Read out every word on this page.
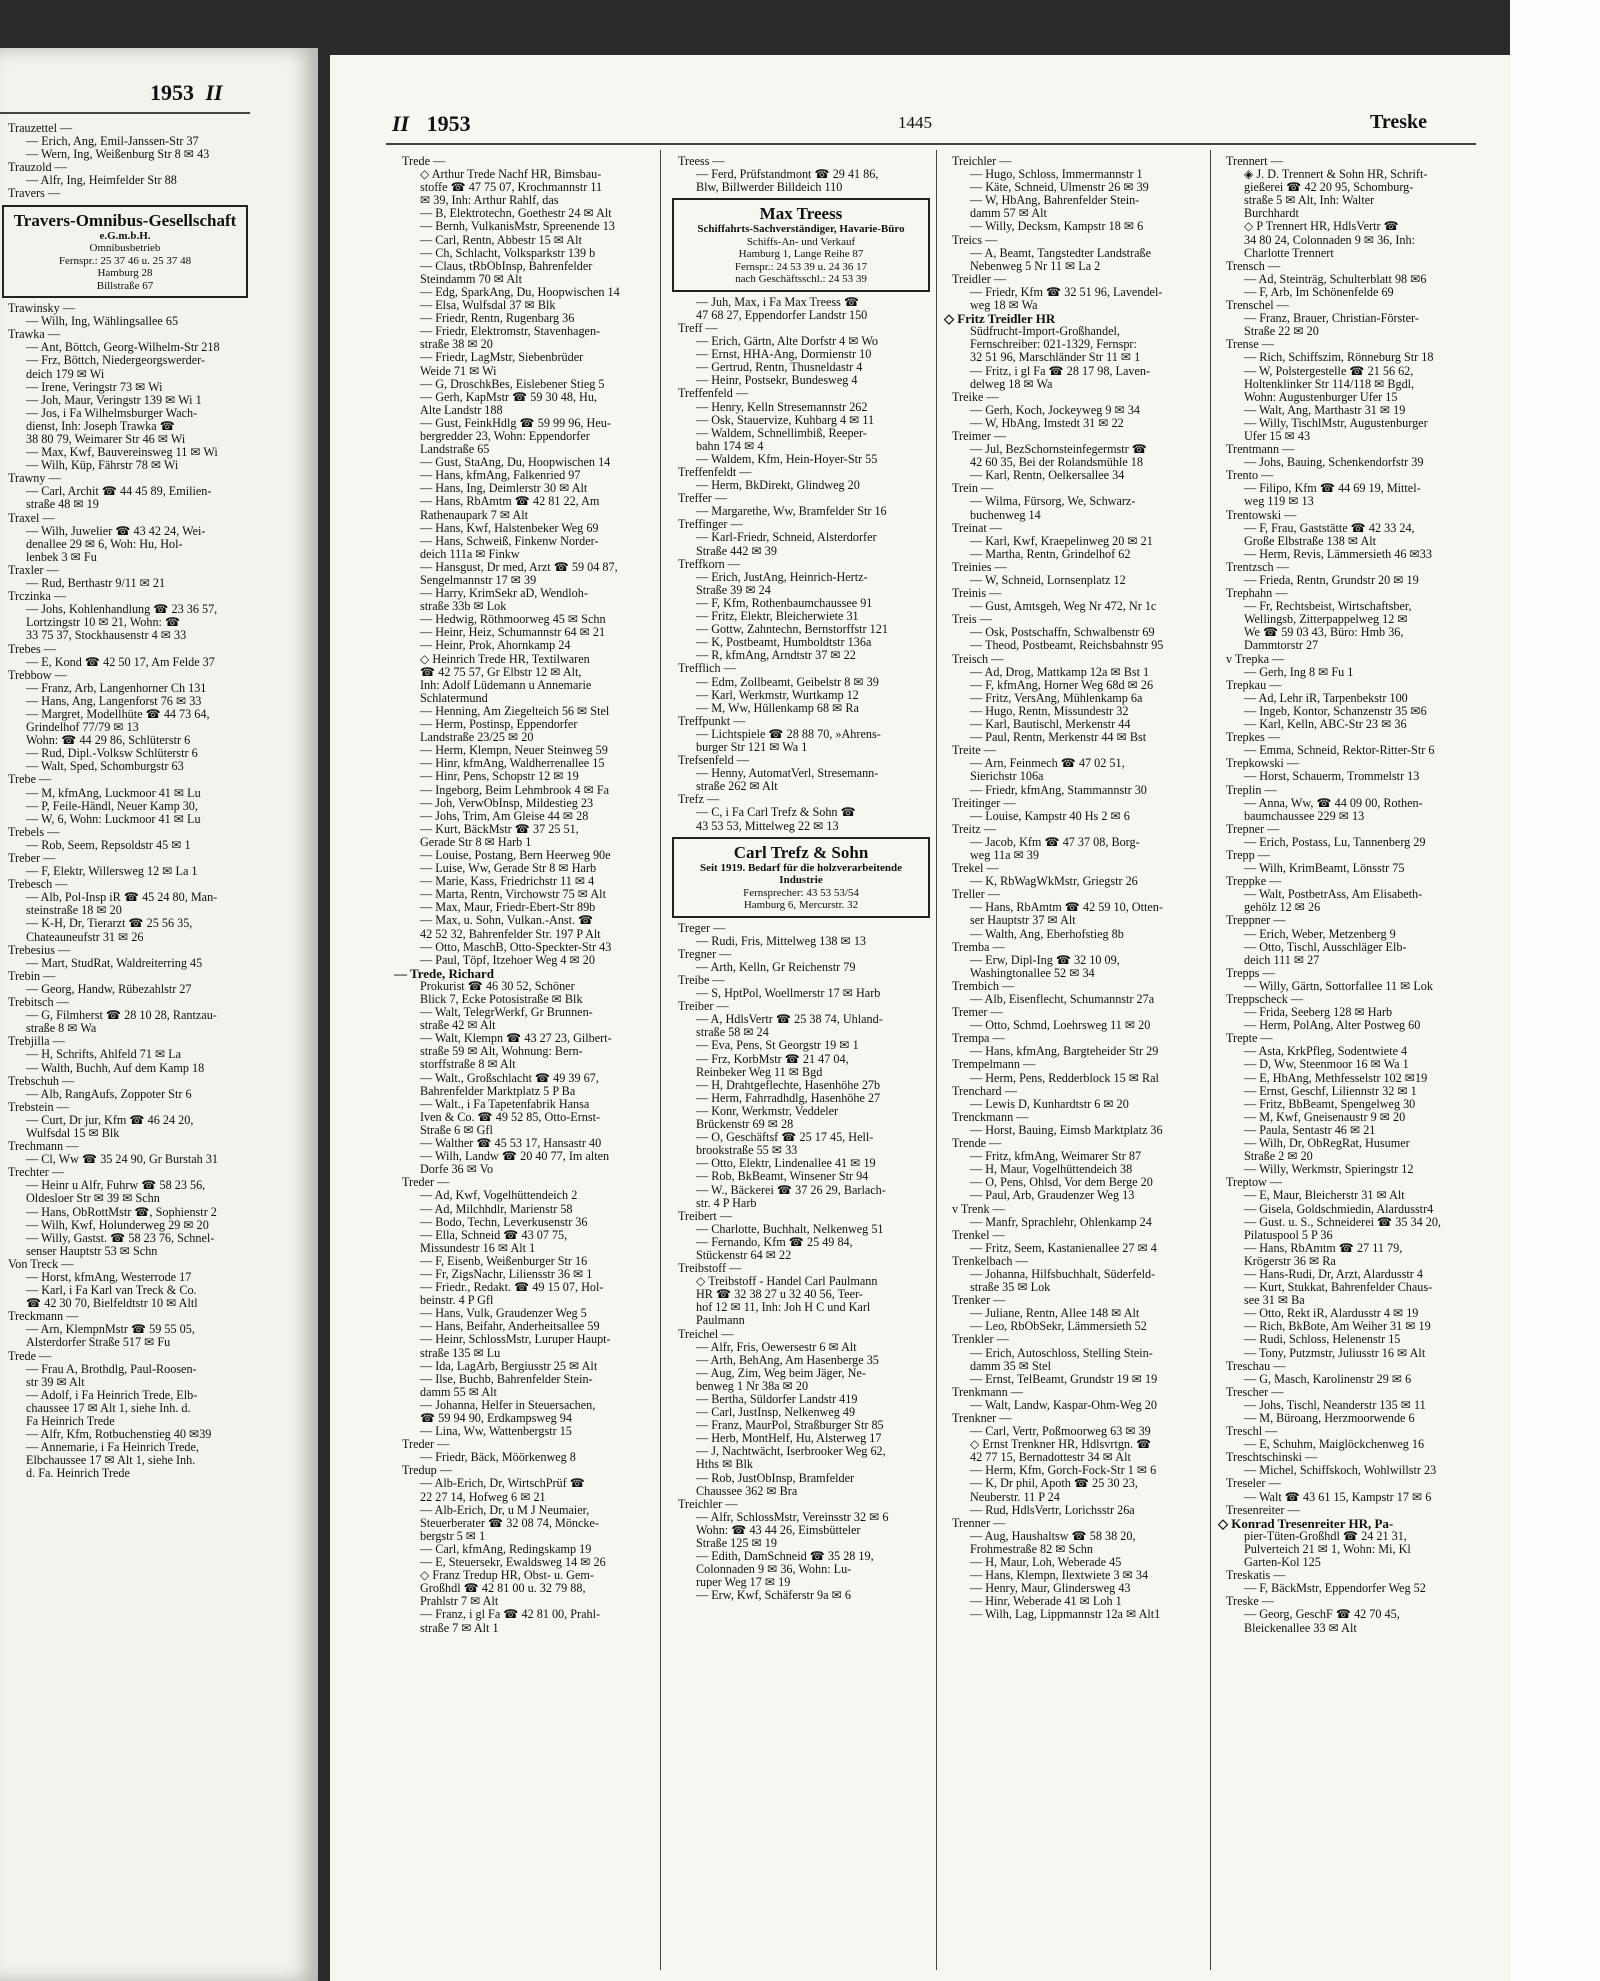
1953 II

Trauzettel —

— Erich, Ang, Emil-Janssen-Str 37

— Wern, Ing, Weißenburg Str 8 ✉ 43

Trauzold —

— Alfr, Ing, Heimfelder Str 88

Travers —

Travers-Omnibus-Gesellschaft
e.G.m.b.H.
Omnibusbetrieb
Fernspr.: 25 37 46 u. 25 37 48
Hamburg 28
Billstraße 67

Trawinsky —

— Wilh, Ing, Wählingsallee 65

Trawka —

— Ant, Böttch, Georg-Wilhelm-Str 218

— Frz, Böttch, Niedergeorgswerder-

deich 179 ✉ Wi

— Irene, Veringstr 73 ✉ Wi

— Joh, Maur, Veringstr 139 ✉ Wi 1

— Jos, i Fa Wilhelmsburger Wach-

dienst, Inh: Joseph Trawka ☎

38 80 79, Weimarer Str 46 ✉ Wi

— Max, Kwf, Bauvereinsweg 11 ✉ Wi

— Wilh, Küp, Fährstr 78 ✉ Wi

Trawny —

— Carl, Archit ☎ 44 45 89, Emilien-

straße 48 ✉ 19

Traxel —

— Wilh, Juwelier ☎ 43 42 24, Wei-

denallee 29 ✉ 6, Woh: Hu, Hol-

lenbek 3 ✉ Fu

Traxler —

— Rud, Berthastr 9/11 ✉ 21

Trczinka —

— Johs, Kohlenhandlung ☎ 23 36 57,

Lortzingstr 10 ✉ 21, Wohn: ☎

33 75 37, Stockhausenstr 4 ✉ 33

Trebes —

— E, Kond ☎ 42 50 17, Am Felde 37

Trebbow —

— Franz, Arb, Langenhorner Ch 131

— Hans, Ang, Langenforst 76 ✉ 33

— Margret, Modellhüte ☎ 44 73 64,

Grindelhof 77/79 ✉ 13

Wohn: ☎ 44 29 86, Schlüterstr 6

— Rud, Dipl.-Volksw Schlüterstr 6

— Walt, Sped, Schomburgstr 63

Trebe —

— M, kfmAng, Luckmoor 41 ✉ Lu

— P, Feile-Händl, Neuer Kamp 30,

— W, 6, Wohn: Luckmoor 41 ✉ Lu

Trebels —

— Rob, Seem, Repsoldstr 45 ✉ 1

Treber —

— F, Elektr, Willersweg 12 ✉ La 1

Trebesch —

— Alb, Pol-Insp iR ☎ 45 24 80, Man-

steinstraße 18 ✉ 20

— K-H, Dr, Tierarzt ☎ 25 56 35,

Chateauneufstr 31 ✉ 26

Trebesius —

— Mart, StudRat, Waldreiterring 45

Trebin —

— Georg, Handw, Rübezahlstr 27

Trebitsch —

— G, Filmherst ☎ 28 10 28, Rantzau-

straße 8 ✉ Wa

Trebjilla —

— H, Schrifts, Ahlfeld 71 ✉ La

— Walth, Buchh, Auf dem Kamp 18

Trebschuh —

— Alb, RangAufs, Zoppoter Str 6

Trebstein —

— Curt, Dr jur, Kfm ☎ 46 24 20,

Wulfsdal 15 ✉ Blk

Trechmann —

— Cl, Ww ☎ 35 24 90, Gr Burstah 31

Trechter —

— Heinr u Alfr, Fuhrw ☎ 58 23 56,

Oldesloer Str ✉ 39 ✉ Schn

— Hans, ObRottMstr ☎, Sophienstr 2

— Wilh, Kwf, Holunderweg 29 ✉ 20

— Willy, Gastst. ☎ 58 23 76, Schnel-

senser Hauptstr 53 ✉ Schn

Von Treck —

— Horst, kfmAng, Westerrode 17

— Karl, i Fa Karl van Treck & Co.

☎ 42 30 70, Bielfeldtstr 10 ✉ Altl

Treckmann —

— Arn, KlempnMstr ☎ 59 55 05,

Alsterdorfer Straße 517 ✉ Fu

Trede —

— Frau A, Brothdlg, Paul-Roosen-

str 39 ✉ Alt

— Adolf, i Fa Heinrich Trede, Elb-

chaussee 17 ✉ Alt 1, siehe Inh. d.

Fa Heinrich Trede

— Alfr, Kfm, Rotbuchenstieg 40 ✉39

— Annemarie, i Fa Heinrich Trede,

Elbchaussee 17 ✉ Alt 1, siehe Inh.

d. Fa. Heinrich Trede

II 1953	1445	Treske

Trede —

◇ Arthur Trede Nachf HR, Bimsbau-

stoffe ☎ 47 75 07, Krochmannstr 11

✉ 39, Inh: Arthur Rahlf, das

— B, Elektrotechn, Goethestr 24 ✉ Alt

— Bernh, VulkanisMstr, Spreenende 13

— Carl, Rentn, Abbestr 15 ✉ Alt

— Ch, Schlacht, Volksparkstr 139 b

— Claus, tRbObInsp, Bahrenfelder

Steindamm 70 ✉ Alt

— Edg, SparkAng, Du, Hoopwischen 14

— Elsa, Wulfsdal 37 ✉ Blk

— Friedr, Rentn, Rugenbarg 36

— Friedr, Elektromstr, Stavenhagen-

straße 38 ✉ 20

— Friedr, LagMstr, Siebenbrüder

Weide 71 ✉ Wi

— G, DroschkBes, Eislebener Stieg 5

— Gerh, KapMstr ☎ 59 30 48, Hu,

Alte Landstr 188

— Gust, FeinkHdlg ☎ 59 99 96, Heu-

bergredder 23, Wohn: Eppendorfer

Landstraße 65

— Gust, StaAng, Du, Hoopwischen 14

— Hans, kfmAng, Falkenried 97

— Hans, Ing, Deimlerstr 30 ✉ Alt

— Hans, RbAmtm ☎ 42 81 22, Am

Rathenaupark 7 ✉ Alt

— Hans, Kwf, Halstenbeker Weg 69

— Hans, Schweiß, Finkenw Norder-

deich 111a ✉ Finkw

— Hansgust, Dr med, Arzt ☎ 59 04 87,

Sengelmannstr 17 ✉ 39

— Harry, KrimSekr aD, Wendloh-

straße 33b ✉ Lok

— Hedwig, Röthmoorweg 45 ✉ Schn

— Heinr, Heiz, Schumannstr 64 ✉ 21

— Heinr, Prok, Ahornkamp 24

◇ Heinrich Trede HR, Textilwaren

☎ 42 75 57, Gr Elbstr 12 ✉ Alt,

Inh: Adolf Lüdemann u Annemarie

Schlatermund

— Henning, Am Ziegelteich 56 ✉ Stel

— Herm, Postinsp, Eppendorfer

Landstraße 23/25 ✉ 20

— Herm, Klempn, Neuer Steinweg 59

— Hinr, kfmAng, Waldherrenallee 15

— Hinr, Pens, Schopstr 12 ✉ 19

— Ingeborg, Beim Lehmbrook 4 ✉ Fa

— Joh, VerwObInsp, Mildestieg 23

— Johs, Trim, Am Gleise 44 ✉ 28

— Kurt, BäckMstr ☎ 37 25 51,

Gerade Str 8 ✉ Harb 1

— Louise, Postang, Bern Heerweg 90e

— Luise, Ww, Gerade Str 8 ✉ Harb

— Marie, Kass, Friedrichstr 11 ✉ 4

— Marta, Rentn, Virchowstr 75 ✉ Alt

— Max, Maur, Friedr-Ebert-Str 89b

— Max, u. Sohn, Vulkan.-Anst. ☎

42 52 32, Bahrenfelder Str. 197 P Alt

— Otto, MaschB, Otto-Speckter-Str 43

— Paul, Töpf, Itzehoer Weg 4 ✉ 20

— Trede, Richard

Prokurist ☎ 46 30 52, Schöner

Blick 7, Ecke Potosistraße ✉ Blk

— Walt, TelegrWerkf, Gr Brunnen-

straße 42 ✉ Alt

— Walt, Klempn ☎ 43 27 23, Gilbert-

straße 59 ✉ Alt, Wohnung: Bern-

storffstraße 8 ✉ Alt

— Walt., Großschlacht ☎ 49 39 67,

Bahrenfelder Marktplatz 5 P Ba

— Walt., i Fa Tapetenfabrik Hansa

Iven & Co. ☎ 49 52 85, Otto-Ernst-

Straße 6 ✉ Gfl

— Walther ☎ 45 53 17, Hansastr 40

— Wilh, Landw ☎ 20 40 77, Im alten

Dorfe 36 ✉ Vo

Treder —

— Ad, Kwf, Vogelhüttendeich 2

— Ad, Milchhdlr, Marienstr 58

— Bodo, Techn, Leverkusenstr 36

— Ella, Schneid ☎ 43 07 75,

Missundestr 16 ✉ Alt 1

— F, Eisenb, Weißenburger Str 16

— Fr, ZigsNachr, Liliensstr 36 ✉ 1

— Friedr., Redakt. ☎ 49 15 07, Hol-

beinstr. 4 P Gfl

— Hans, Vulk, Graudenzer Weg 5

— Hans, Beifahr, Anderheitsallee 59

— Heinr, SchlossMstr, Luruper Haupt-

straße 135 ✉ Lu

— Ida, LagArb, Bergiusstr 25 ✉ Alt

— Ilse, Buchb, Bahrenfelder Stein-

damm 55 ✉ Alt

— Johanna, Helfer in Steuersachen,

☎ 59 94 90, Erdkampsweg 94

— Lina, Ww, Wattenbergstr 15

Treder —

— Friedr, Bäck, Möörkenweg 8

Tredup —

— Alb-Erich, Dr, WirtschPrüf ☎

22 27 14, Hofweg 6 ✉ 21

— Alb-Erich, Dr, u M J Neumaier,

Steuerberater ☎ 32 08 74, Möncke-

bergstr 5 ✉ 1

— Carl, kfmAng, Redingskamp 19

— E, Steuersekr, Ewaldsweg 14 ✉ 26

◇ Franz Tredup HR, Obst- u. Gem-

Großhdl ☎ 42 81 00 u. 32 79 88,

Prahlstr 7 ✉ Alt

— Franz, i gl Fa ☎ 42 81 00, Prahl-

straße 7 ✉ Alt 1

Treess —

— Ferd, Prüfstandmont ☎ 29 41 86,

Blw, Billwerder Billdeich 110

Max Treess
Schiffahrts-Sachverständiger, Havarie-Büro
Schiffs-An- und Verkauf
Hamburg 1, Lange Reihe 87
Fernspr.: 24 53 39 u. 24 36 17
nach Geschäftsschl.: 24 53 39

— Juh, Max, i Fa Max Treess ☎

47 68 27, Eppendorfer Landstr 150

Treff —

— Erich, Gärtn, Alte Dorfstr 4 ✉ Wo

— Ernst, HHA-Ang, Dormienstr 10

— Gertrud, Rentn, Thusneldastr 4

— Heinr, Postsekr, Bundesweg 4

Treffenfeld —

— Henry, Kelln Stresemannstr 262

— Osk, Stauervize, Kuhbarg 4 ✉ 11

— Waldem, Schnellimbiß, Reeper-

bahn 174 ✉ 4

— Waldem, Kfm, Hein-Hoyer-Str 55

Treffenfeldt —

— Herm, BkDirekt, Glindweg 20

Treffer —

— Margarethe, Ww, Bramfelder Str 16

Treffinger —

— Karl-Friedr, Schneid, Alsterdorfer

Straße 442 ✉ 39

Treffkorn —

— Erich, JustAng, Heinrich-Hertz-

Straße 39 ✉ 24

— F, Kfm, Rothenbaumchaussee 91

— Fritz, Elektr, Bleicherwiete 31

— Gottw, Zahntechn, Bernstorffstr 121

— K, Postbeamt, Humboldtstr 136a

— R, kfmAng, Arndtstr 37 ✉ 22

Trefflich —

— Edm, Zollbeamt, Geibelstr 8 ✉ 39

— Karl, Werkmstr, Wurtkamp 12

— M, Ww, Hüllenkamp 68 ✉ Ra

Treffpunkt —

— Lichtspiele ☎ 28 88 70, »Ahrens-

burger Str 121 ✉ Wa 1

Trefsenfeld —

— Henny, AutomatVerl, Stresemann-

straße 262 ✉ Alt

Trefz —

— C, i Fa Carl Trefz & Sohn ☎

43 53 53, Mittelweg 22 ✉ 13

Carl Trefz & Sohn
Seit 1919. Bedarf für die holzverarbeitende Industrie
Fernsprecher: 43 53 53/54
Hamburg 6, Mercurstr. 32

Treger —

— Rudi, Fris, Mittelweg 138 ✉ 13

Tregner —

— Arth, Kelln, Gr Reichenstr 79

Treibe —

— S, HptPol, Woellmerstr 17 ✉ Harb

Treiber —

— A, HdlsVertr ☎ 25 38 74, Uhland-

straße 58 ✉ 24

— Eva, Pens, St Georgstr 19 ✉ 1

— Frz, KorbMstr ☎ 21 47 04,

Reinbeker Weg 11 ✉ Bgd

— H, Drahtgeflechte, Hasenhöhe 27b

— Herm, Fahrradhdlg, Hasenhöhe 27

— Konr, Werkmstr, Veddeler

Brückenstr 69 ✉ 28

— O, Geschäftsf ☎ 25 17 45, Hell-

brookstraße 55 ✉ 33

— Otto, Elektr, Lindenallee 41 ✉ 19

— Rob, BkBeamt, Winsener Str 94

— W., Bäckerei ☎ 37 26 29, Barlach-

str. 4 P Harb

Treibert —

— Charlotte, Buchhalt, Nelkenweg 51

— Fernando, Kfm ☎ 25 49 84,

Stückenstr 64 ✉ 22

Treibstoff —

◇ Treibstoff - Handel Carl Paulmann

HR ☎ 32 38 27 u 32 40 56, Teer-

hof 12 ✉ 11, Inh: Joh H C und Karl

Paulmann

Treichel —

— Alfr, Fris, Oewersestr 6 ✉ Alt

— Arth, BehAng, Am Hasenberge 35

— Aug, Zim, Weg beim Jäger, Ne-

benweg 1 Nr 38a ✉ 20

— Bertha, Süldorfer Landstr 419

— Carl, JustInsp, Nelkenweg 49

— Franz, MaurPol, Straßburger Str 85

— Herb, MontHelf, Hu, Alsterweg 17

— J, Nachtwächt, Iserbrooker Weg 62,

Hths ✉ Blk

— Rob, JustObInsp, Bramfelder

Chaussee 362 ✉ Bra

Treichler —

— Alfr, SchlossMstr, Vereinsstr 32 ✉ 6

Wohn: ☎ 43 44 26, Eimsbütteler

Straße 125 ✉ 19

— Edith, DamSchneid ☎ 35 28 19,

Colonnaden 9 ✉ 36, Wohn: Lu-

ruper Weg 17 ✉ 19

— Erw, Kwf, Schäferstr 9a ✉ 6

Treichler —

— Hugo, Schloss, Immermannstr 1

— Käte, Schneid, Ulmenstr 26 ✉ 39

— W, HbAng, Bahrenfelder Stein-

damm 57 ✉ Alt

— Willy, Decksm, Kampstr 18 ✉ 6

Treics —

— A, Beamt, Tangstedter Landstraße

Nebenweg 5 Nr 11 ✉ La 2

Treidler —

— Friedr, Kfm ☎ 32 51 96, Lavendel-

weg 18 ✉ Wa

◇ Fritz Treidler HR

Südfrucht-Import-Großhandel,

Fernschreiber: 021-1329, Fernspr:

32 51 96, Marschländer Str 11 ✉ 1

— Fritz, i gl Fa ☎ 28 17 98, Laven-

delweg 18 ✉ Wa

Treike —

— Gerh, Koch, Jockeyweg 9 ✉ 34

— W, HbAng, Imstedt 31 ✉ 22

Treimer —

— Jul, BezSchornsteinfegermstr ☎

42 60 35, Bei der Rolandsmühle 18

— Karl, Rentn, Oelkersallee 34

Trein —

— Wilma, Fürsorg, We, Schwarz-

buchenweg 14

Treinat —

— Karl, Kwf, Kraepelinweg 20 ✉ 21

— Martha, Rentn, Grindelhof 62

Treinies —

— W, Schneid, Lornsenplatz 12

Treinis —

— Gust, Amtsgeh, Weg Nr 472, Nr 1c

Treis —

— Osk, Postschaffn, Schwalbenstr 69

— Theod, Postbeamt, Reichsbahnstr 95

Treisch —

— Ad, Drog, Mattkamp 12a ✉ Bst 1

— F, kfmAng, Horner Weg 68d ✉ 26

— Fritz, VersAng, Mühlenkamp 6a

— Hugo, Rentn, Missundestr 32

— Karl, Bautischl, Merkenstr 44

— Paul, Rentn, Merkenstr 44 ✉ Bst

Treite —

— Arn, Feinmech ☎ 47 02 51,

Sierichstr 106a

— Friedr, kfmAng, Stammannstr 30

Treitinger —

— Louise, Kampstr 40 Hs 2 ✉ 6

Treitz —

— Jacob, Kfm ☎ 47 37 08, Borg-

weg 11a ✉ 39

Trekel —

— K, RbWagWkMstr, Griegstr 26

Treller —

— Hans, RbAmtm ☎ 42 59 10, Otten-

ser Hauptstr 37 ✉ Alt

— Walth, Ang, Eberhofstieg 8b

Tremba —

— Erw, Dipl-Ing ☎ 32 10 09,

Washingtonallee 52 ✉ 34

Trembich —

— Alb, Eisenflecht, Schumannstr 27a

Tremer —

— Otto, Schmd, Loehrsweg 11 ✉ 20

Trempa —

— Hans, kfmAng, Bargteheider Str 29

Trempelmann —

— Herm, Pens, Redderblock 15 ✉ Ral

Trenchard —

— Lewis D, Kunhardtstr 6 ✉ 20

Trenckmann —

— Horst, Bauing, Eimsb Marktplatz 36

Trende —

— Fritz, kfmAng, Weimarer Str 87

— H, Maur, Vogelhüttendeich 38

— O, Pens, Ohlsd, Vor dem Berge 20

— Paul, Arb, Graudenzer Weg 13

v Trenk —

— Manfr, Sprachlehr, Ohlenkamp 24

Trenkel —

— Fritz, Seem, Kastanienallee 27 ✉ 4

Trenkelbach —

— Johanna, Hilfsbuchhalt, Süderfeld-

straße 35 ✉ Lok

Trenker —

— Juliane, Rentn, Allee 148 ✉ Alt

— Leo, RbObSekr, Lämmersieth 52

Trenkler —

— Erich, Autoschloss, Stelling Stein-

damm 35 ✉ Stel

— Ernst, TelBeamt, Grundstr 19 ✉ 19

Trenkmann —

— Walt, Landw, Kaspar-Ohm-Weg 20

Trenkner —

— Carl, Vertr, Poßmoorweg 63 ✉ 39

◇ Ernst Trenkner HR, Hdlsvrtgn. ☎

42 77 15, Bernadottestr 34 ✉ Alt

— Herm, Kfm, Gorch-Fock-Str 1 ✉ 6

— K, Dr phil, Apoth ☎ 25 30 23,

Neuberstr. 11 P 24

— Rud, HdlsVertr, Lorichsstr 26a

Trenner —

— Aug, Haushaltsw ☎ 58 38 20,

Frohmestraße 82 ✉ Schn

— H, Maur, Loh, Weberade 45

— Hans, Klempn, Ilextwiete 3 ✉ 34

— Henry, Maur, Glindersweg 43

— Hinr, Weberade 41 ✉ Loh 1

— Wilh, Lag, Lippmannstr 12a ✉ Alt1

Trennert —

◈ J. D. Trennert & Sohn HR, Schrift-

gießerei ☎ 42 20 95, Schomburg-

straße 5 ✉ Alt, Inh: Walter

Burchhardt

◇ P Trennert HR, HdlsVertr ☎

34 80 24, Colonnaden 9 ✉ 36, Inh:

Charlotte Trennert

Trensch —

— Ad, Steinträg, Schulterblatt 98 ✉6

— F, Arb, Im Schönenfelde 69

Trenschel —

— Franz, Brauer, Christian-Förster-

Straße 22 ✉ 20

Trense —

— Rich, Schiffszim, Rönneburg Str 18

— W, Polstergestelle ☎ 21 56 62,

Holtenklinker Str 114/118 ✉ Bgdl,

Wohn: Augustenburger Ufer 15

— Walt, Ang, Marthastr 31 ✉ 19

— Willy, TischlMstr, Augustenburger

Ufer 15 ✉ 43

Trentmann —

— Johs, Bauing, Schenkendorfstr 39

Trento —

— Filipo, Kfm ☎ 44 69 19, Mittel-

weg 119 ✉ 13

Trentowski —

— F, Frau, Gaststätte ☎ 42 33 24,

Große Elbstraße 138 ✉ Alt

— Herm, Revis, Lämmersieth 46 ✉33

Trentzsch —

— Frieda, Rentn, Grundstr 20 ✉ 19

Trephahn —

— Fr, Rechtsbeist, Wirtschaftsber,

Wellingsb, Zitterpappelweg 12 ✉

We ☎ 59 03 43, Büro: Hmb 36,

Dammtorstr 27

v Trepka —

— Gerh, Ing 8 ✉ Fu 1

Trepkau —

— Ad, Lehr iR, Tarpenbekstr 100

— Ingeb, Kontor, Schanzenstr 35 ✉6

— Karl, Kelln, ABC-Str 23 ✉ 36

Trepkes —

— Emma, Schneid, Rektor-Ritter-Str 6

Trepkowski —

— Horst, Schauerm, Trommelstr 13

Treplin —

— Anna, Ww, ☎ 44 09 00, Rothen-

baumchaussee 229 ✉ 13

Trepner —

— Erich, Postass, Lu, Tannenberg 29

Trepp —

— Wilh, KrimBeamt, Lönsstr 75

Treppke —

— Walt, PostbetrAss, Am Elisabeth-

gehölz 12 ✉ 26

Treppner —

— Erich, Weber, Metzenberg 9

— Otto, Tischl, Ausschläger Elb-

deich 111 ✉ 27

Trepps —

— Willy, Gärtn, Sottorfallee 11 ✉ Lok

Treppscheck —

— Frida, Seeberg 128 ✉ Harb

— Herm, PolAng, Alter Postweg 60

Trepte —

— Asta, KrkPfleg, Sodentwiete 4

— D, Ww, Steenmoor 16 ✉ Wa 1

— E, HbAng, Methfesselstr 102 ✉19

— Ernst, Geschf, Liliennstr 32 ✉ 1

— Fritz, BbBeamt, Spengelweg 30

— M, Kwf, Gneisenaustr 9 ✉ 20

— Paula, Sentastr 46 ✉ 21

— Wilh, Dr, ObRegRat, Husumer

Straße 2 ✉ 20

— Willy, Werkmstr, Spieringstr 12

Treptow —

— E, Maur, Bleicherstr 31 ✉ Alt

— Gisela, Goldschmiedin, Alardusstr4

— Gust. u. S., Schneiderei ☎ 35 34 20,

Pilatuspool 5 P 36

— Hans, RbAmtm ☎ 27 11 79,

Krögerstr 36 ✉ Ra

— Hans-Rudi, Dr, Arzt, Alardusstr 4

— Kurt, Stukkat, Bahrenfelder Chaus-

see 31 ✉ Ba

— Otto, Rekt iR, Alardusstr 4 ✉ 19

— Rich, BkBote, Am Weiher 31 ✉ 19

— Rudi, Schloss, Helenenstr 15

— Tony, Putzmstr, Juliusstr 16 ✉ Alt

Treschau —

— G, Masch, Karolinenstr 29 ✉ 6

Trescher —

— Johs, Tischl, Neanderstr 135 ✉ 11

— M, Büroang, Herzmoorwende 6

Treschl —

— E, Schuhm, Maiglöckchenweg 16

Treschtschinski —

— Michel, Schiffskoch, Wohlwillstr 23

Treseler —

— Walt ☎ 43 61 15, Kampstr 17 ✉ 6

Tresenreiter —

◇ Konrad Tresenreiter HR, Pa-

pier-Tüten-Großhdl ☎ 24 21 31,

Pulverteich 21 ✉ 1, Wohn: Mi, Kl

Garten-Kol 125

Treskatis —

— F, BäckMstr, Eppendorfer Weg 52

Treske —

— Georg, GeschF ☎ 42 70 45,

Bleickenallee 33 ✉ Alt
